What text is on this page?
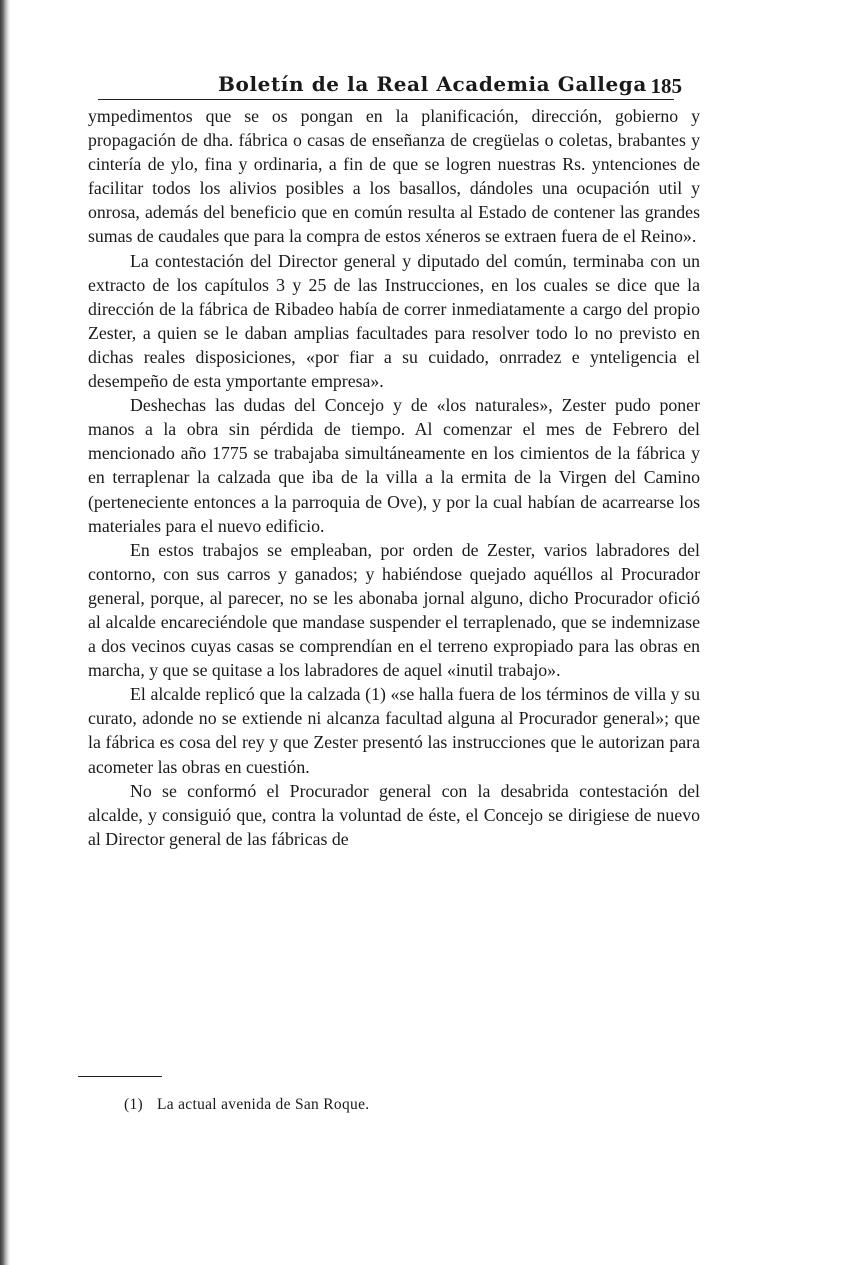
Boletín de la Real Academia Gallega 185

ympedimentos que se os pongan en la planificación, dirección, gobierno y propagación de dha. fábrica o casas de enseñanza de cregüelas o coletas, brabantes y cintería de ylo, fina y ordinaria, a fin de que se logren nuestras Rs. yntenciones de facilitar todos los alivios posibles a los basallos, dándoles una ocupación util y onrosa, además del beneficio que en común resulta al Estado de contener las grandes sumas de caudales que para la compra de estos xéneros se extraen fuera de el Reino».

La contestación del Director general y diputado del común, terminaba con un extracto de los capítulos 3 y 25 de las Instrucciones, en los cuales se dice que la dirección de la fábrica de Ribadeo había de correr inmediatamente a cargo del propio Zester, a quien se le daban amplias facultades para resolver todo lo no previsto en dichas reales disposiciones, «por fiar a su cuidado, onrradez e ynteligencia el desempeño de esta ymportante empresa».

Deshechas las dudas del Concejo y de «los naturales», Zester pudo poner manos a la obra sin pérdida de tiempo. Al comenzar el mes de Febrero del mencionado año 1775 se trabajaba simultáneamente en los cimientos de la fábrica y en terraplenar la calzada que iba de la villa a la ermita de la Virgen del Camino (perteneciente entonces a la parroquia de Ove), y por la cual habían de acarrearse los materiales para el nuevo edificio.

En estos trabajos se empleaban, por orden de Zester, varios labradores del contorno, con sus carros y ganados; y habiéndose quejado aquéllos al Procurador general, porque, al parecer, no se les abonaba jornal alguno, dicho Procurador ofició al alcalde encareciéndole que mandase suspender el terraplenado, que se indemnizase a dos vecinos cuyas casas se comprendían en el terreno expropiado para las obras en marcha, y que se quitase a los labradores de aquel «inutil trabajo».

El alcalde replicó que la calzada (1) «se halla fuera de los términos de villa y su curato, adonde no se extiende ni alcanza facultad alguna al Procurador general»; que la fábrica es cosa del rey y que Zester presentó las instrucciones que le autorizan para acometer las obras en cuestión.

No se conformó el Procurador general con la desabrida contestación del alcalde, y consiguió que, contra la voluntad de éste, el Concejo se dirigiese de nuevo al Director general de las fábricas de

(1) La actual avenida de San Roque.
